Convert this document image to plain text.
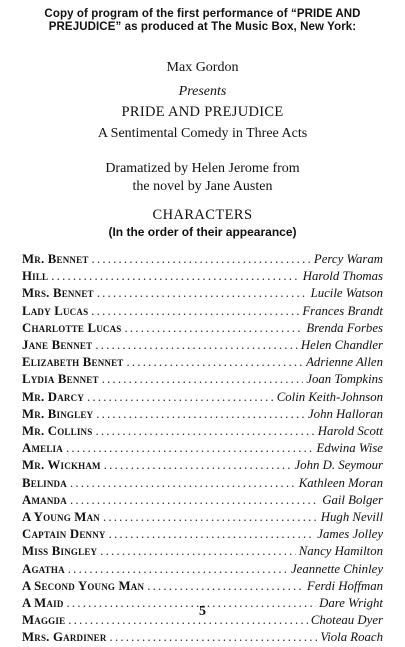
Copy of program of the first performance of “PRIDE AND
PREJUDICE” as produced at The Music Box, New York:
Max Gordon
Presents
PRIDE AND PREJUDICE
A Sentimental Comedy in Three Acts
Dramatized by Helen Jerome from
the novel by Jane Austen
CHARACTERS
(In the order of their appearance)
Mr. Bennet . . .	Percy Waram
Hill . . .	Harold Thomas
Mrs. Bennet . . .	Lucile Watson
Lady Lucas . . .	Frances Brandt
Charlotte Lucas . . .	Brenda Forbes
Jane Bennet . . .	Helen Chandler
Elizabeth Bennet . . .	Adrienne Allen
Lydia Bennet . . .	Joan Tompkins
Mr. Darcy . . .	Colin Keith-Johnson
Mr. Bingley . . .	John Halloran
Mr. Collins . . .	Harold Scott
Amelia . . .	Edwina Wise
Mr. Wickham . . .	John D. Seymour
Belinda . . .	Kathleen Moran
Amanda . . .	Gail Bolger
A Young Man . . .	Hugh Nevill
Captain Denny . . .	James Jolley
Miss Bingley . . .	Nancy Hamilton
Agatha . . .	Jeannette Chinley
A Second Young Man . . .	Ferdi Hoffman
A Maid . . .	Dare Wright
Maggie . . .	Choteau Dyer
Mrs. Gardiner . . .	Viola Roach
5
